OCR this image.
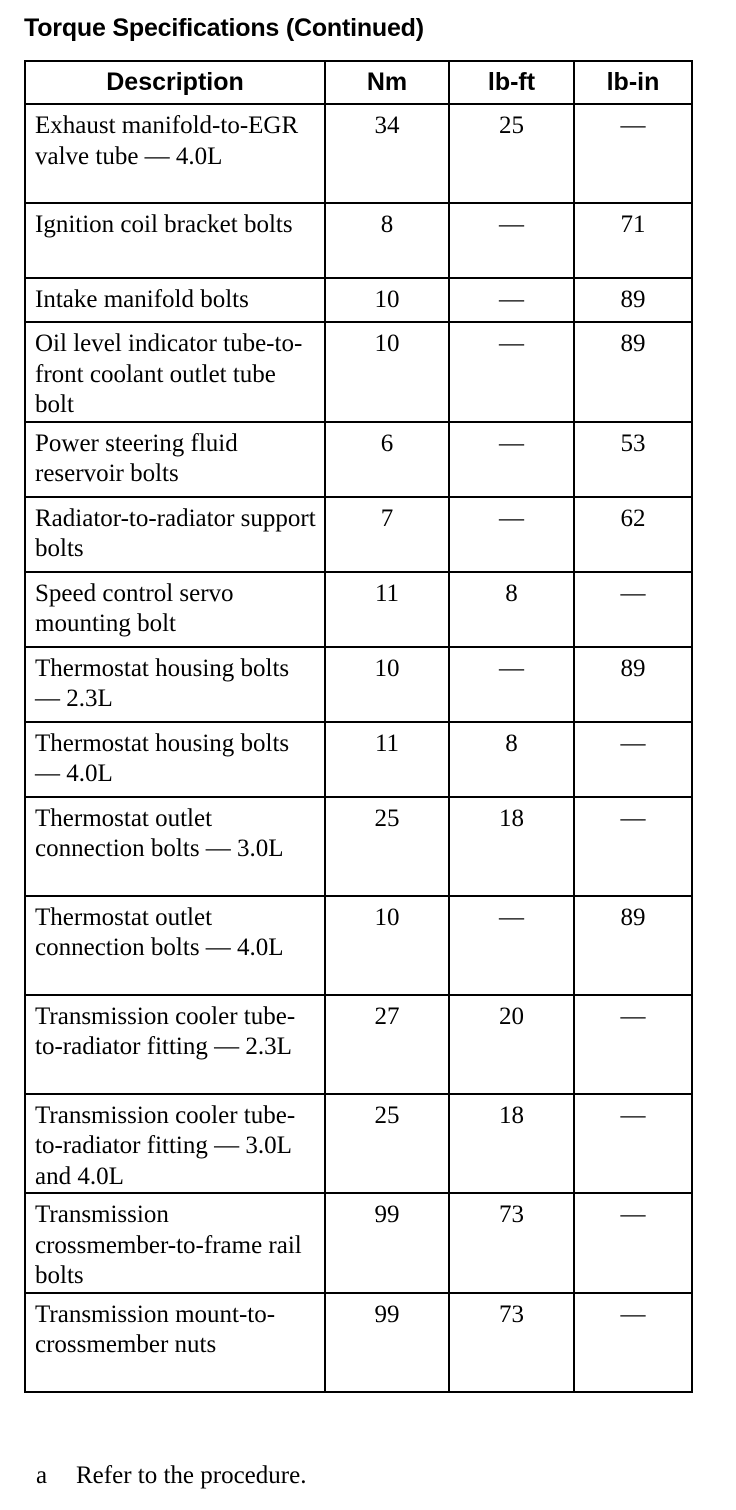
Torque Specifications (Continued)
Description	Nm	lb-ft	lb-in
Exhaust manifold-to-EGR valve tube — 4.0L	34	25	—
Ignition coil bracket bolts	8	—	71
Intake manifold bolts	10	—	89
Oil level indicator tube-to-front coolant outlet tube bolt	10	—	89
Power steering fluid reservoir bolts	6	—	53
Radiator-to-radiator support bolts	7	—	62
Speed control servo mounting bolt	11	8	—
Thermostat housing bolts — 2.3L	10	—	89
Thermostat housing bolts — 4.0L	11	8	—
Thermostat outlet connection bolts — 3.0L	25	18	—
Thermostat outlet connection bolts — 4.0L	10	—	89
Transmission cooler tube-to-radiator fitting — 2.3L	27	20	—
Transmission cooler tube-to-radiator fitting — 3.0L and 4.0L	25	18	—
Transmission crossmember-to-frame rail bolts	99	73	—
Transmission mount-to-crossmember nuts	99	73	—
a Refer to the procedure.
